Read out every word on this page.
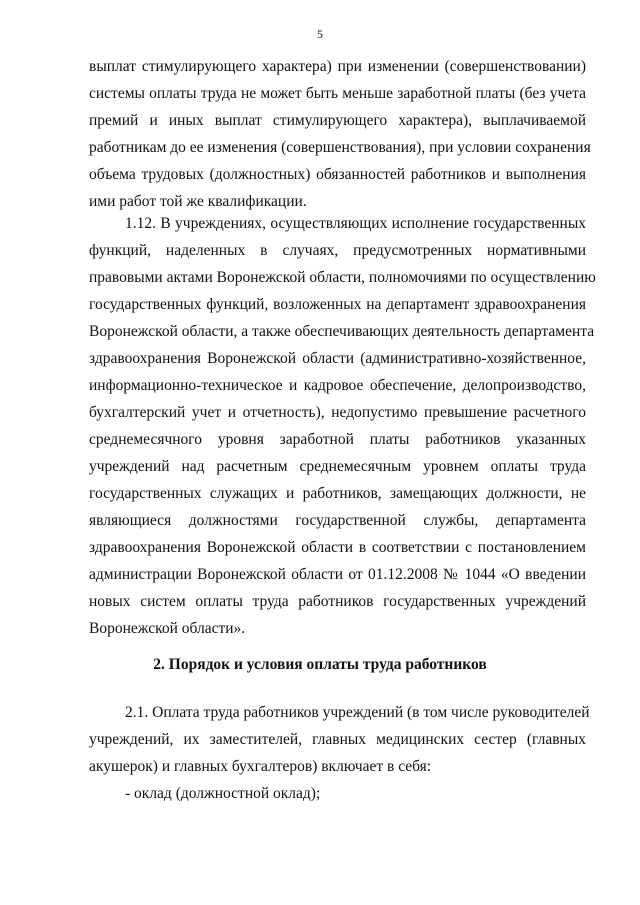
5
выплат стимулирующего характера) при изменении (совершенствовании)
системы оплаты труда не может быть меньше заработной платы (без учета
премий и иных выплат стимулирующего характера), выплачиваемой
работникам до ее изменения (совершенствования), при условии сохранения
объема трудовых (должностных) обязанностей работников и выполнения
ими работ той же квалификации.
1.12. В учреждениях, осуществляющих исполнение государственных
функций, наделенных в случаях, предусмотренных нормативными
правовыми актами Воронежской области, полномочиями по осуществлению
государственных функций, возложенных на департамент здравоохранения
Воронежской области, а также обеспечивающих деятельность департамента
здравоохранения Воронежской области (административно-хозяйственное,
информационно-техническое и кадровое обеспечение, делопроизводство,
бухгалтерский учет и отчетность), недопустимо превышение расчетного
среднемесячного уровня заработной платы работников указанных
учреждений над расчетным среднемесячным уровнем оплаты труда
государственных служащих и работников, замещающих должности, не
являющиеся должностями государственной службы, департамента
здравоохранения Воронежской области в соответствии с постановлением
администрации Воронежской области от 01.12.2008 № 1044 «О введении
новых систем оплаты труда работников государственных учреждений
Воронежской области».
2. Порядок и условия оплаты труда работников
2.1. Оплата труда работников учреждений (в том числе руководителей
учреждений, их заместителей, главных медицинских сестер (главных
акушерок) и главных бухгалтеров) включает в себя:
- оклад (должностной оклад);
